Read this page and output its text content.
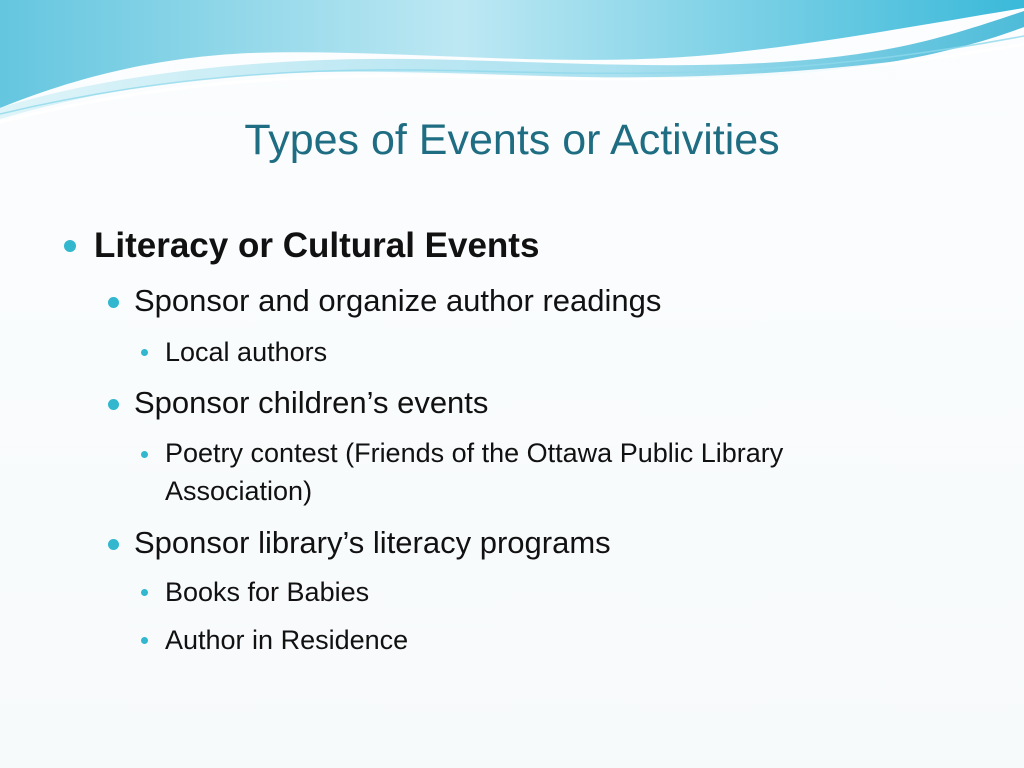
Types of Events or Activities
Literacy or Cultural Events
Sponsor and organize author readings
Local authors
Sponsor children’s events
Poetry contest (Friends of the Ottawa Public Library Association)
Sponsor library’s literacy programs
Books for Babies
Author in Residence
